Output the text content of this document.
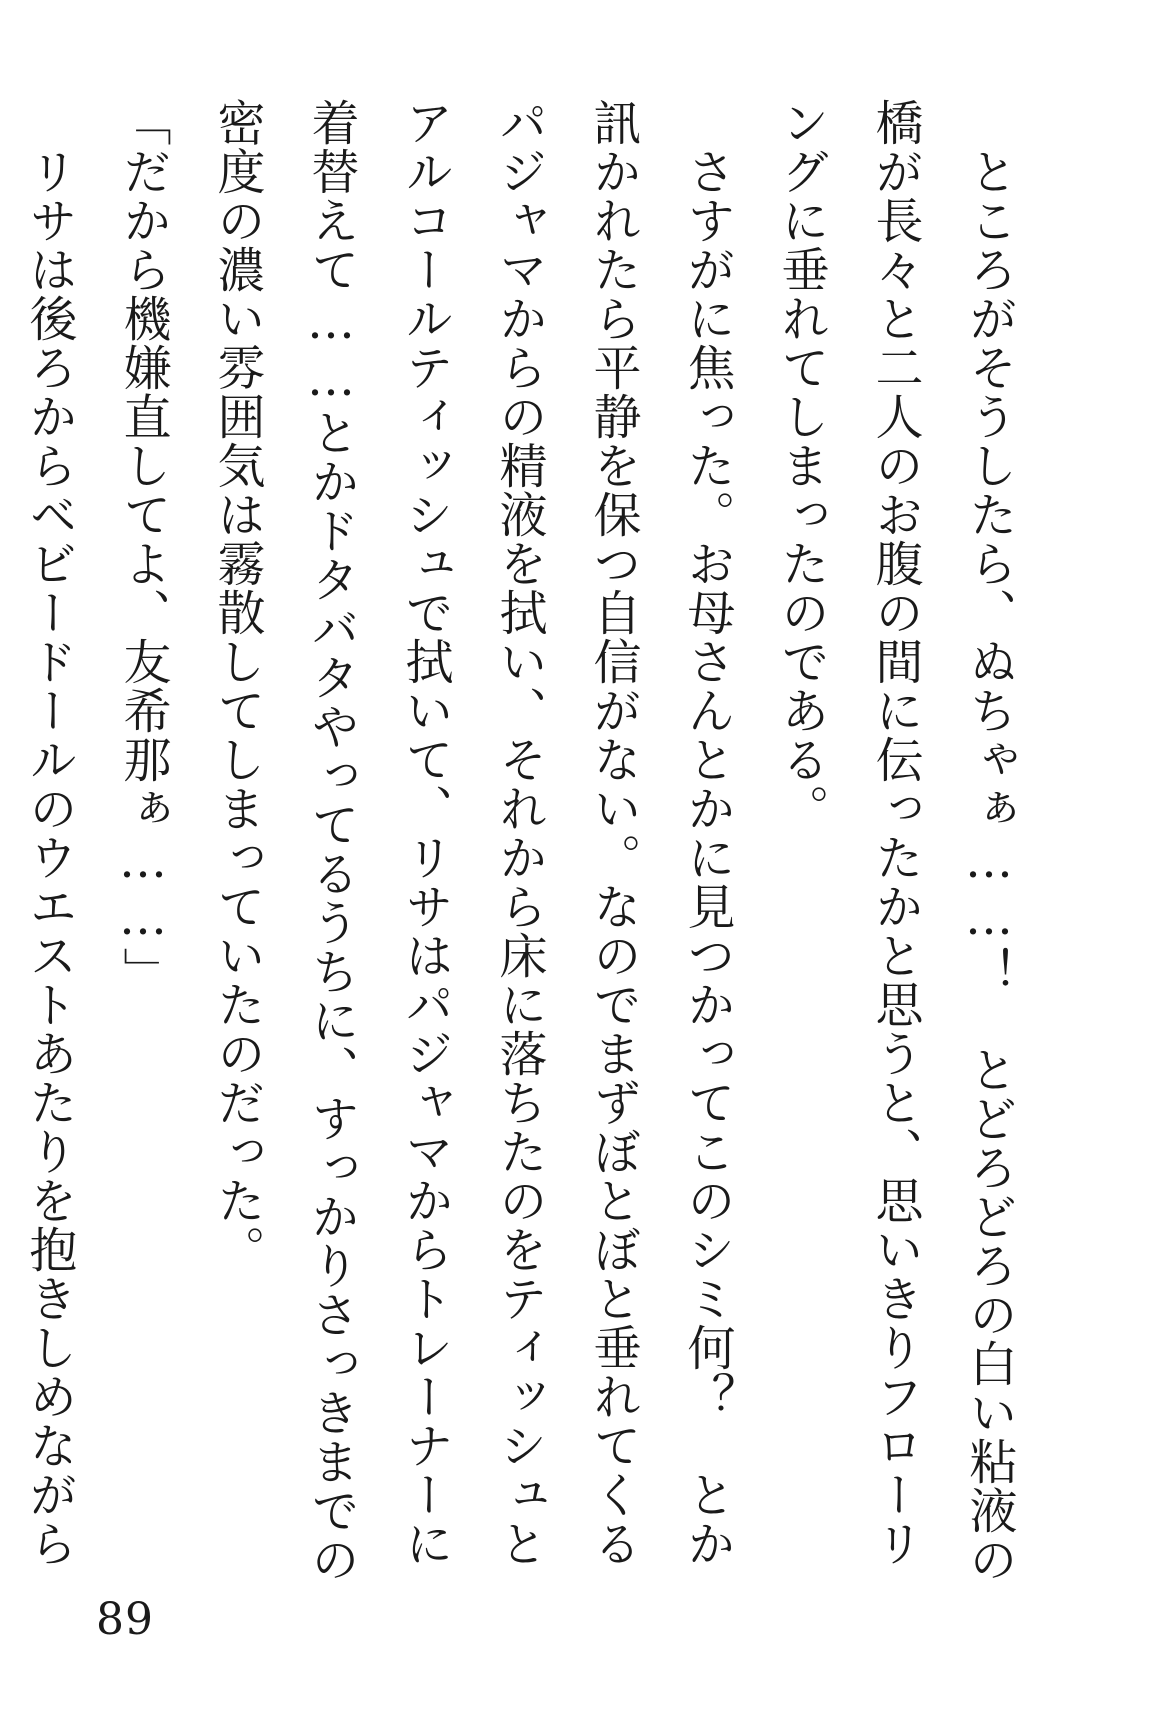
　ところがそうしたら、ぬちゃぁ……！　とどろどろの白い粘液の橋が長々と二人のお腹の間に伝ったかと思うと、思いきりフローリングに垂れてしまったのである。

　さすがに焦った。お母さんとかに見つかってこのシミ何？　とか訊かれたら平静を保つ自信がない。なのでまずぼとぼと垂れてくるパジャマからの精液を拭い、それから床に落ちたのをティッシュとアルコールティッシュで拭いて、リサはパジャマからトレーナーに着替えて……とかドタバタやってるうちに、すっかりさっきまでの密度の濃い雰囲気は霧散してしまっていたのだった。

「だから機嫌直してよ、友希那ぁ……」

　リサは後ろからベビードールのウエストあたりを抱きしめながら

89
